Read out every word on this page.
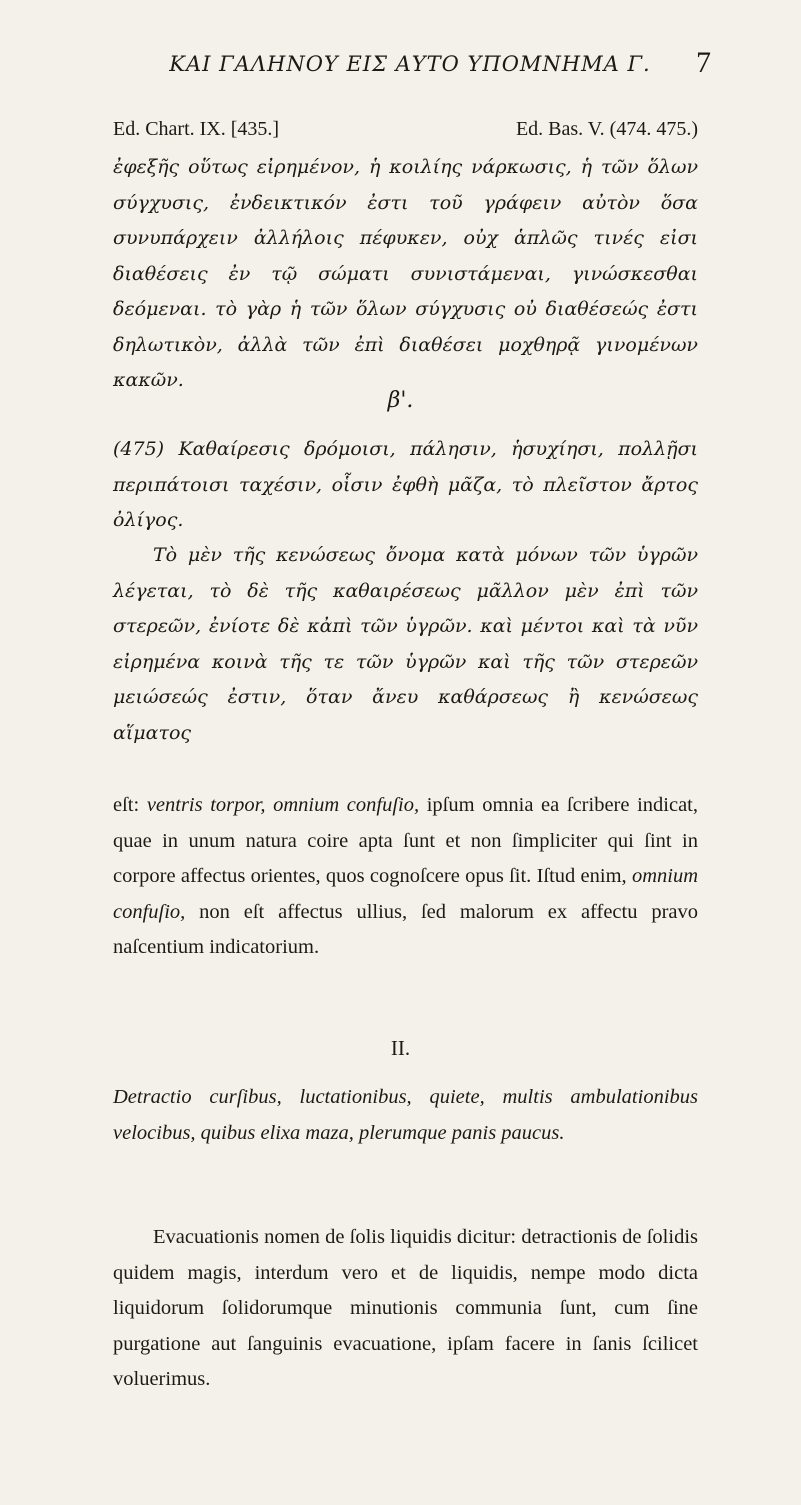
ΚΑΙ ΓΑΛΗΝΟΥ ΕΙΣ ΑΥΤΟ ΥΠΟΜΝΗΜΑ Γ.	7
Ed. Chart. IX. [435.]	Ed. Bas. V. (474. 475.)

ἐφεξῆς οὕτως εἰρημένον, ἡ κοιλίης νάρκωσις, ἡ τῶν ὅλων σύγχυσις, ἐνδεικτικόν ἐστι τοῦ γράφειν αὐτὸν ὅσα συνυπάρχειν ἀλλήλοις πέφυκεν, οὐχ ἁπλῶς τινές εἰσι διαθέσεις ἐν τῷ σώματι συνιστάμεναι, γινώσκεσθαι δεόμεναι. τὸ γὰρ ἡ τῶν ὅλων σύγχυσις οὐ διαθέσεώς ἐστι δηλωτικὸν, ἀλλὰ τῶν ἐπὶ διαθέσει μοχθηρᾷ γινομένων κακῶν.

β'.

(475) Καθαίρεσις δρόμοισι, πάλησιν, ἡσυχίησι, πολλῇσι περιπάτοισι ταχέσιν, οἷσιν ἐφθὴ μᾶζα, τὸ πλεῖστον ἄρτος ὀλίγος.

Τὸ μὲν τῆς κενώσεως ὄνομα κατὰ μόνων τῶν ὑγρῶν λέγεται, τὸ δὲ τῆς καθαιρέσεως μᾶλλον μὲν ἐπὶ τῶν στερεῶν, ἐνίοτε δὲ κἀπὶ τῶν ὑγρῶν. καὶ μέντοι καὶ τὰ νῦν εἰρημένα κοινὰ τῆς τε τῶν ὑγρῶν καὶ τῆς τῶν στερεῶν μειώσεώς ἐστιν, ὅταν ἄνευ καθάρσεως ἢ κενώσεως αἵματος

eſt: ventris torpor, omnium confuſio, ipſum omnia ea ſcribere indicat, quae in unum natura coire apta ſunt et non ſimpliciter qui ſint in corpore affectus orientes, quos cognoſcere opus ſit. Iſtud enim, omnium confuſio, non eſt affectus ullius, ſed malorum ex affectu pravo naſcentium indicatorium.

II.

Detractio curſibus, luctationibus, quiete, multis ambulationibus velocibus, quibus elixa maza, plerumque panis paucus.

Evacuationis nomen de ſolis liquidis dicitur: detractionis de ſolidis quidem magis, interdum vero et de liquidis, nempe modo dicta liquidorum ſolidorumque minutionis communia ſunt, cum ſine purgatione aut ſanguinis evacuatione, ipſam facere in ſanis ſcilicet voluerimus.
